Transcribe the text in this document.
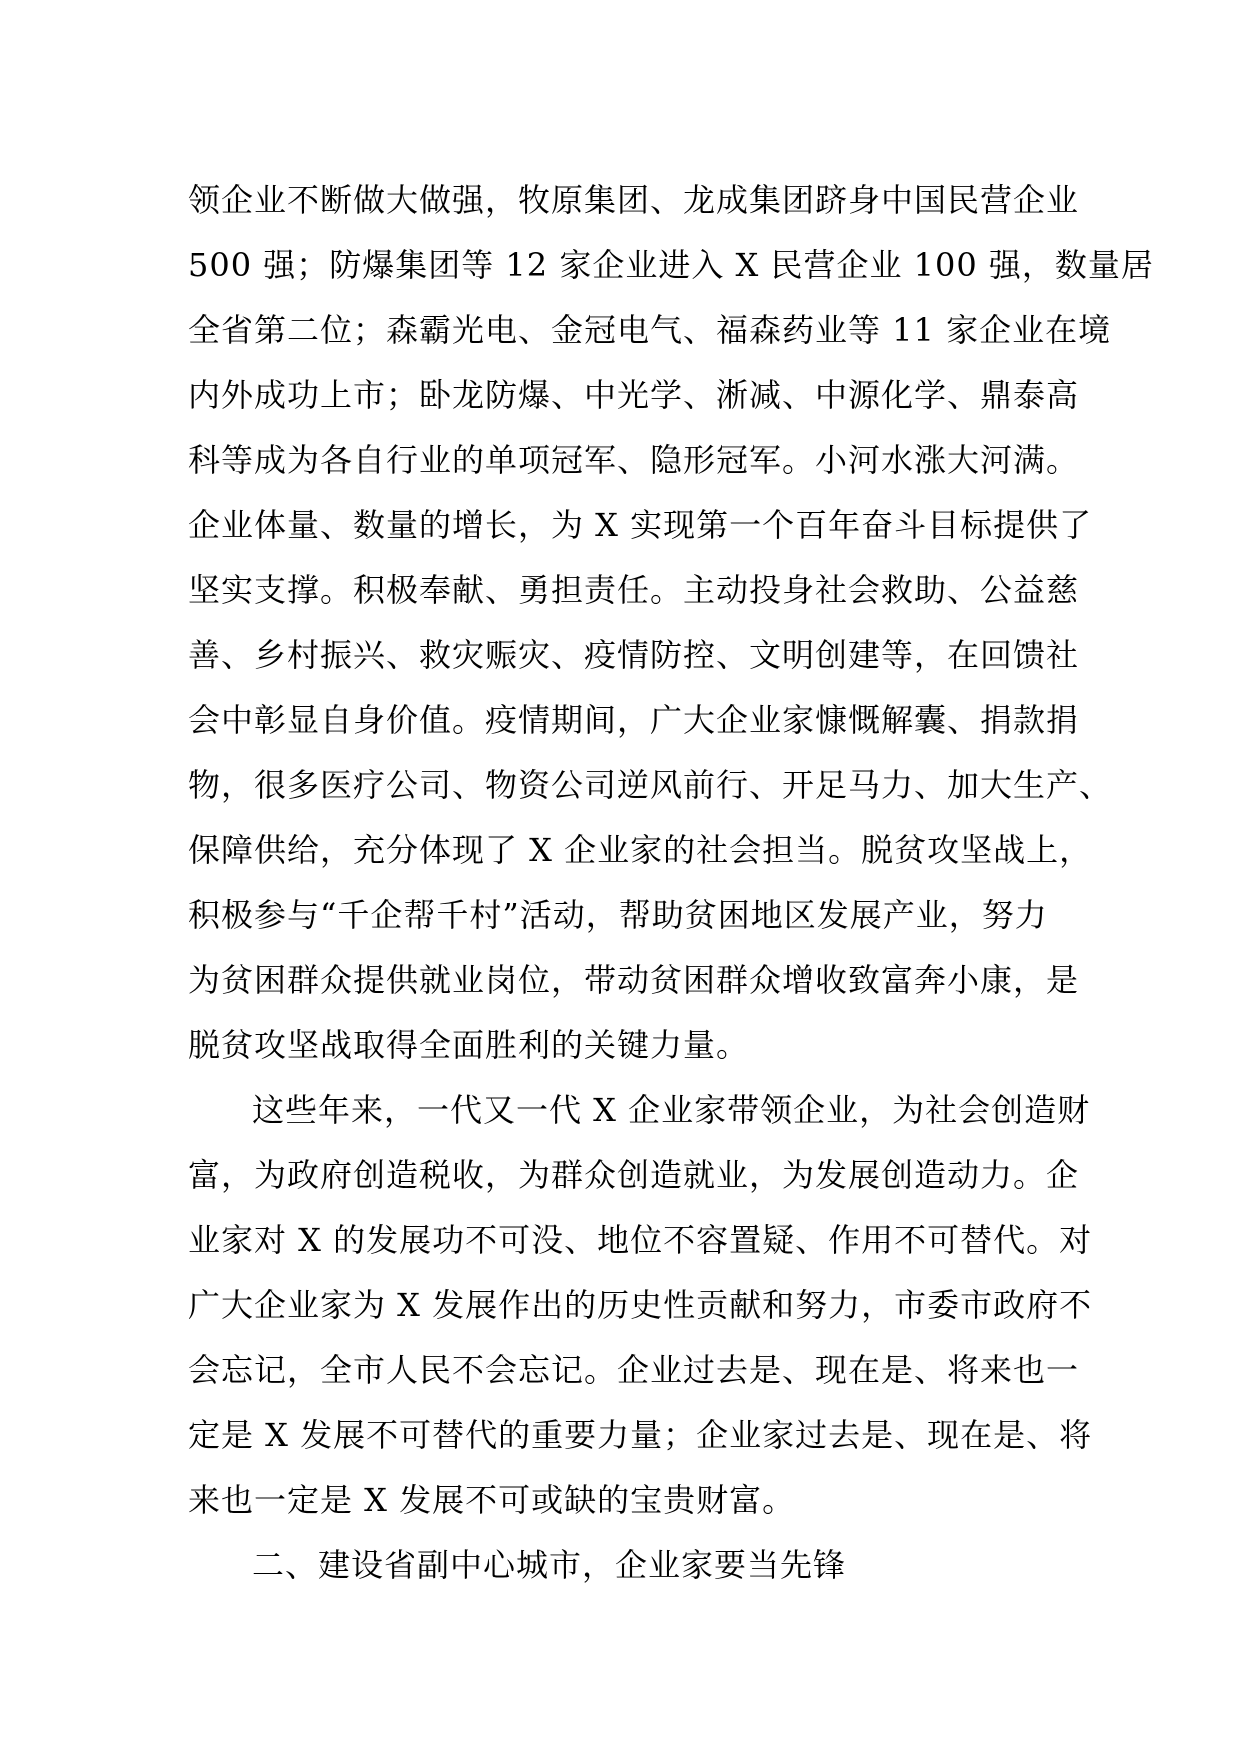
领企业不断做大做强，牧原集团、龙成集团跻身中国民营企业
500 强；防爆集团等 12 家企业进入 X 民营企业 100 强，数量居
全省第二位；森霸光电、金冠电气、福森药业等 11 家企业在境
内外成功上市；卧龙防爆、中光学、淅减、中源化学、鼎泰高
科等成为各自行业的单项冠军、隐形冠军。小河水涨大河满。
企业体量、数量的增长，为 X 实现第一个百年奋斗目标提供了
坚实支撑。积极奉献、勇担责任。主动投身社会救助、公益慈
善、乡村振兴、救灾赈灾、疫情防控、文明创建等，在回馈社
会中彰显自身价值。疫情期间，广大企业家慷慨解囊、捐款捐
物，很多医疗公司、物资公司逆风前行、开足马力、加大生产、
保障供给，充分体现了 X 企业家的社会担当。脱贫攻坚战上，
积极参与“千企帮千村”活动，帮助贫困地区发展产业，努力
为贫困群众提供就业岗位，带动贫困群众增收致富奔小康，是
脱贫攻坚战取得全面胜利的关键力量。
这些年来，一代又一代 X 企业家带领企业，为社会创造财
富，为政府创造税收，为群众创造就业，为发展创造动力。企
业家对 X 的发展功不可没、地位不容置疑、作用不可替代。对
广大企业家为 X 发展作出的历史性贡献和努力，市委市政府不
会忘记，全市人民不会忘记。企业过去是、现在是、将来也一
定是 X 发展不可替代的重要力量；企业家过去是、现在是、将
来也一定是 X 发展不可或缺的宝贵财富。
二、建设省副中心城市，企业家要当先锋
